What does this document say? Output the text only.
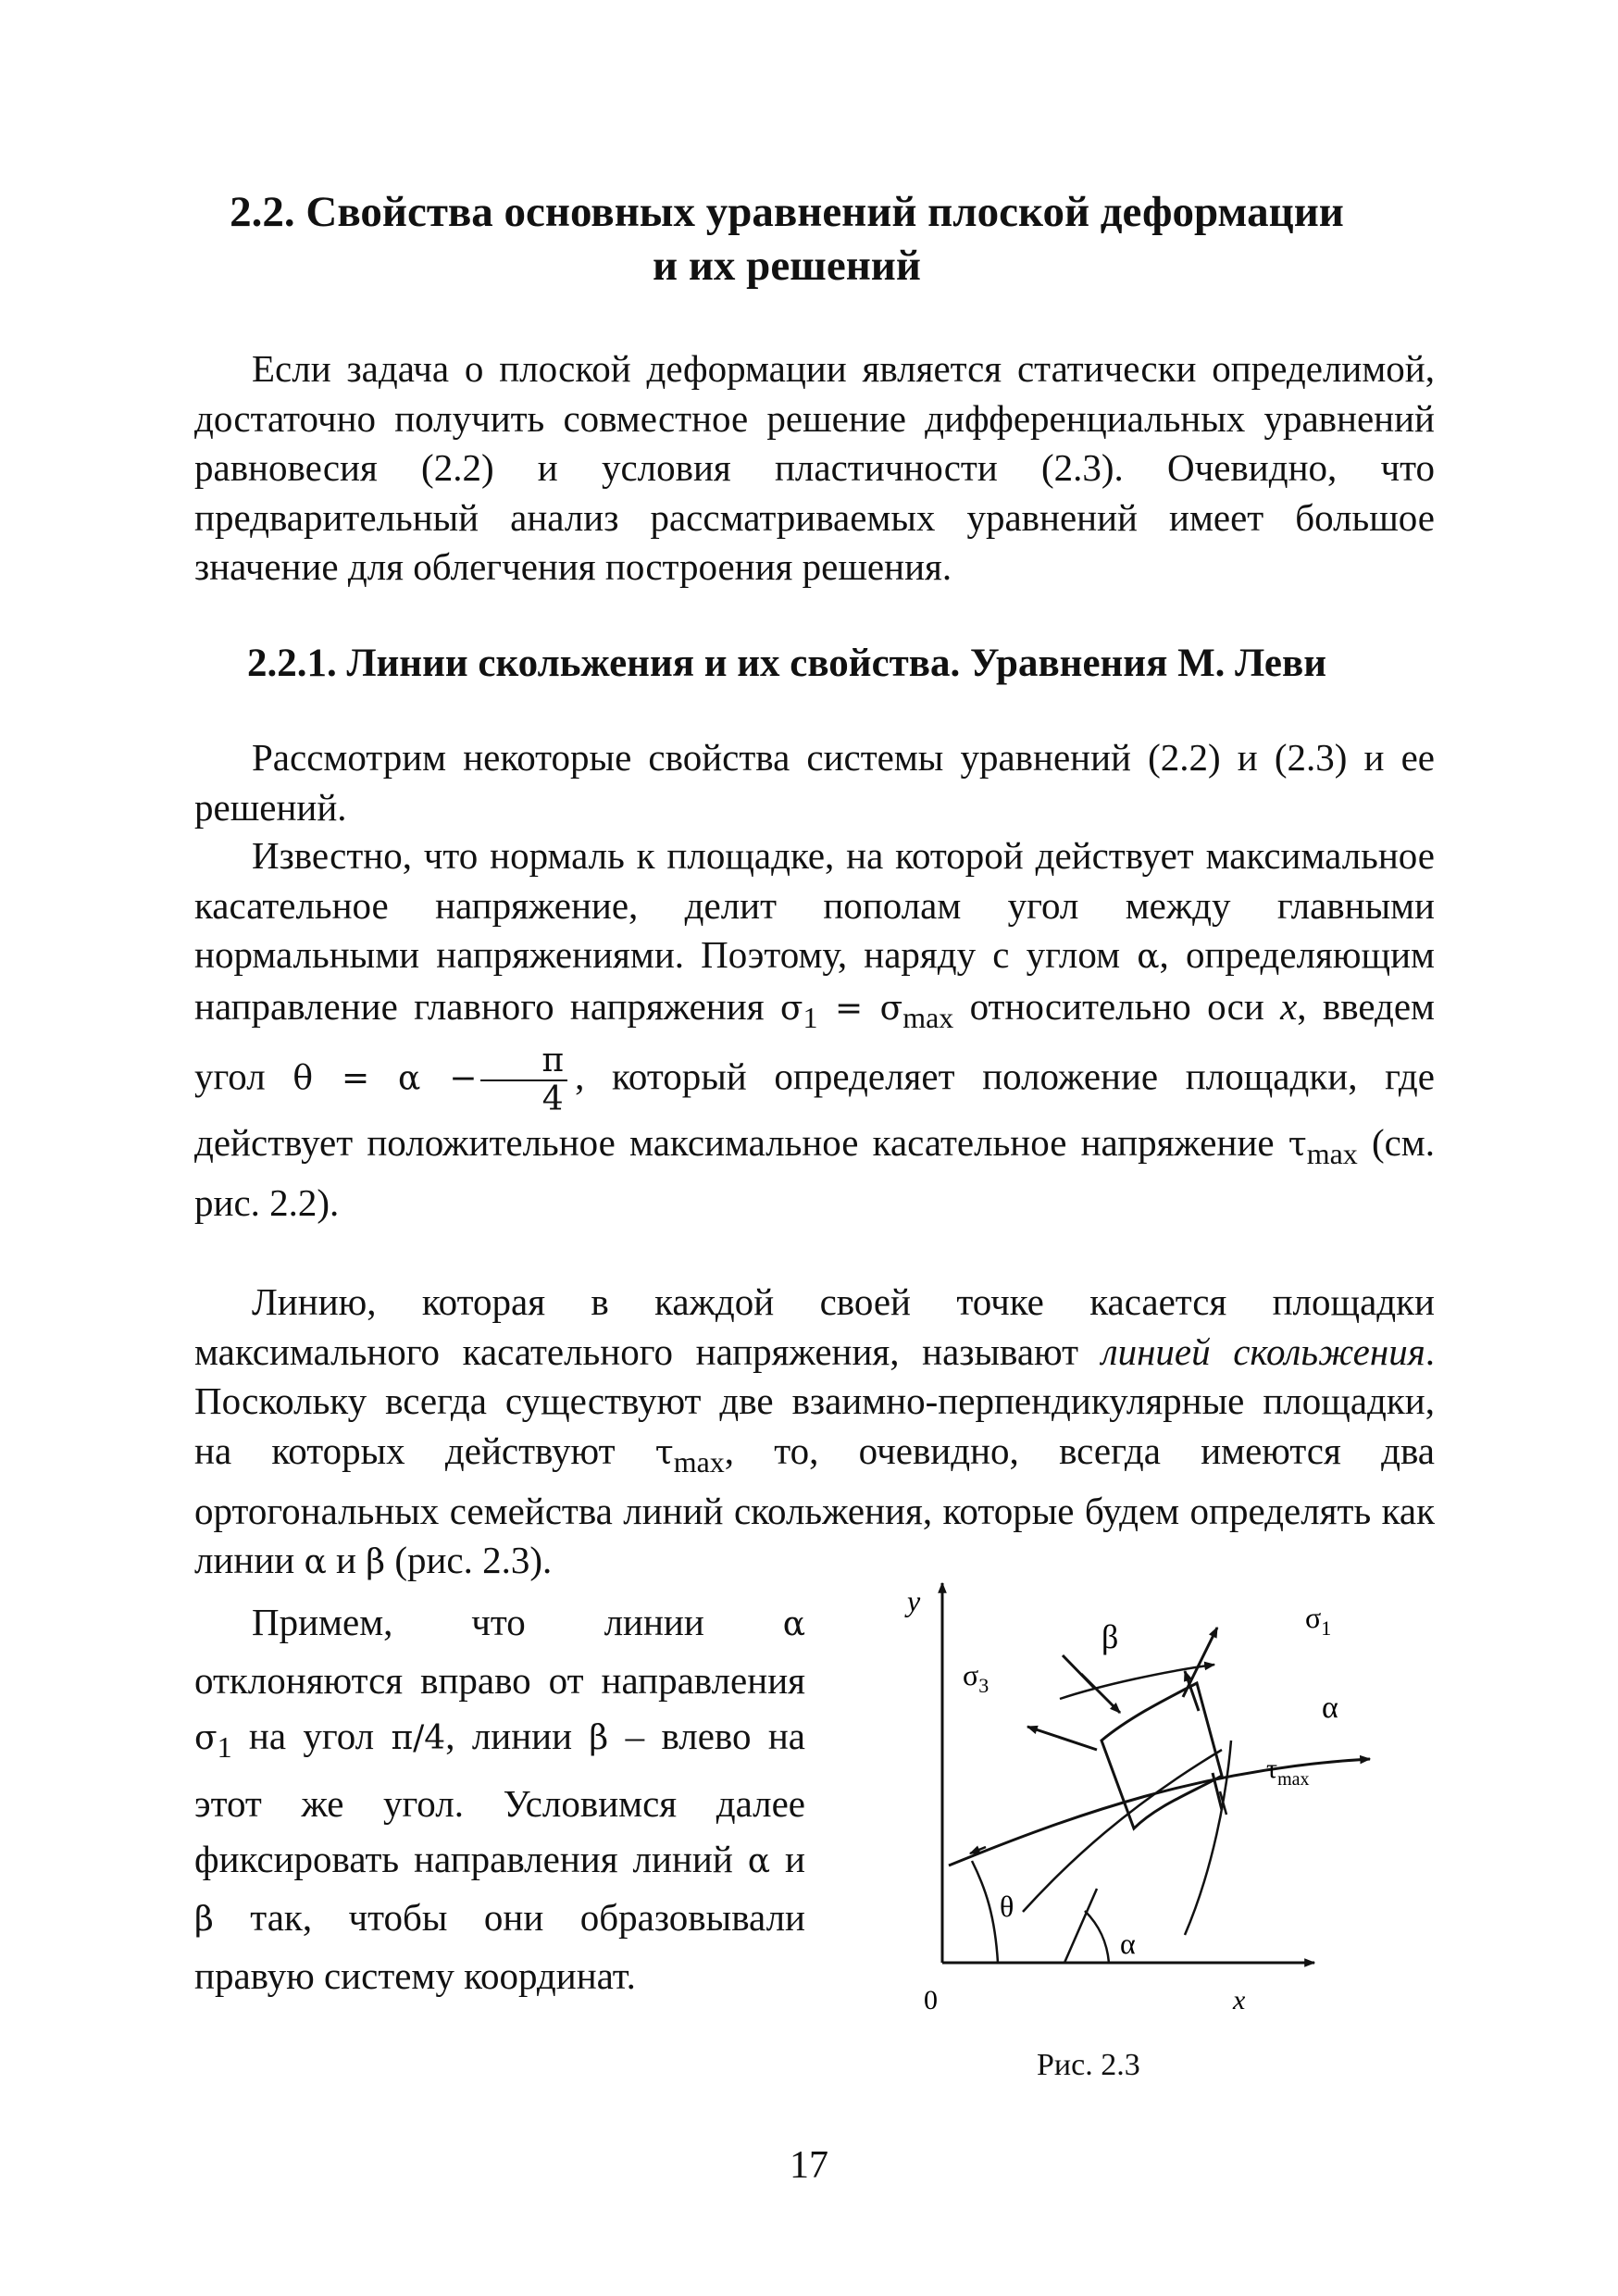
2.2. Свойства основных уравнений плоской деформации
и их решений

Если задача о плоской деформации является статически определимой, достаточно получить совместное решение дифференциальных уравнений равновесия (2.2) и условия пластичности (2.3). Очевидно, что предварительный анализ рассматриваемых уравнений имеет большое значение для облегчения построения решения.

2.2.1. Линии скольжения и их свойства. Уравнения М. Леви

Рассмотрим некоторые свойства системы уравнений (2.2) и (2.3) и ее решений.

Известно, что нормаль к площадке, на которой действует максимальное касательное напряжение, делит пополам угол между главными нормальными напряжениями. Поэтому, наряду с углом α, определяющим направление главного напряжения $\sigma_1 = \sigma_{max}$ относительно оси x, введем угол $\theta = \alpha - \frac{\pi}{4}$ , который определяет положение площадки, где действует положительное максимальное касательное напряжение $\tau_{max}$ (см. рис. 2.2).

Линию, которая в каждой своей точке касается площадки максимального касательного напряжения, называют линией скольжения. Поскольку всегда существуют две взаимно-перпендикулярные площадки, на которых действуют $\tau_{max}$, то, очевидно, всегда имеются два ортогональных семейства линий скольжения, которые будем определять как линии α и β (рис. 2.3).

Примем, что линии α отклоняются вправо от направления $\sigma_1$ на угол π/4, линии β – влево на этот же угол. Условимся далее фиксировать направления линий α и β так, чтобы они образовывали правую систему координат.

y
0	x
β
$\sigma_3$
$\sigma_1$
α
$\tau_{max}$
θ
α
Рис. 2.3
17
